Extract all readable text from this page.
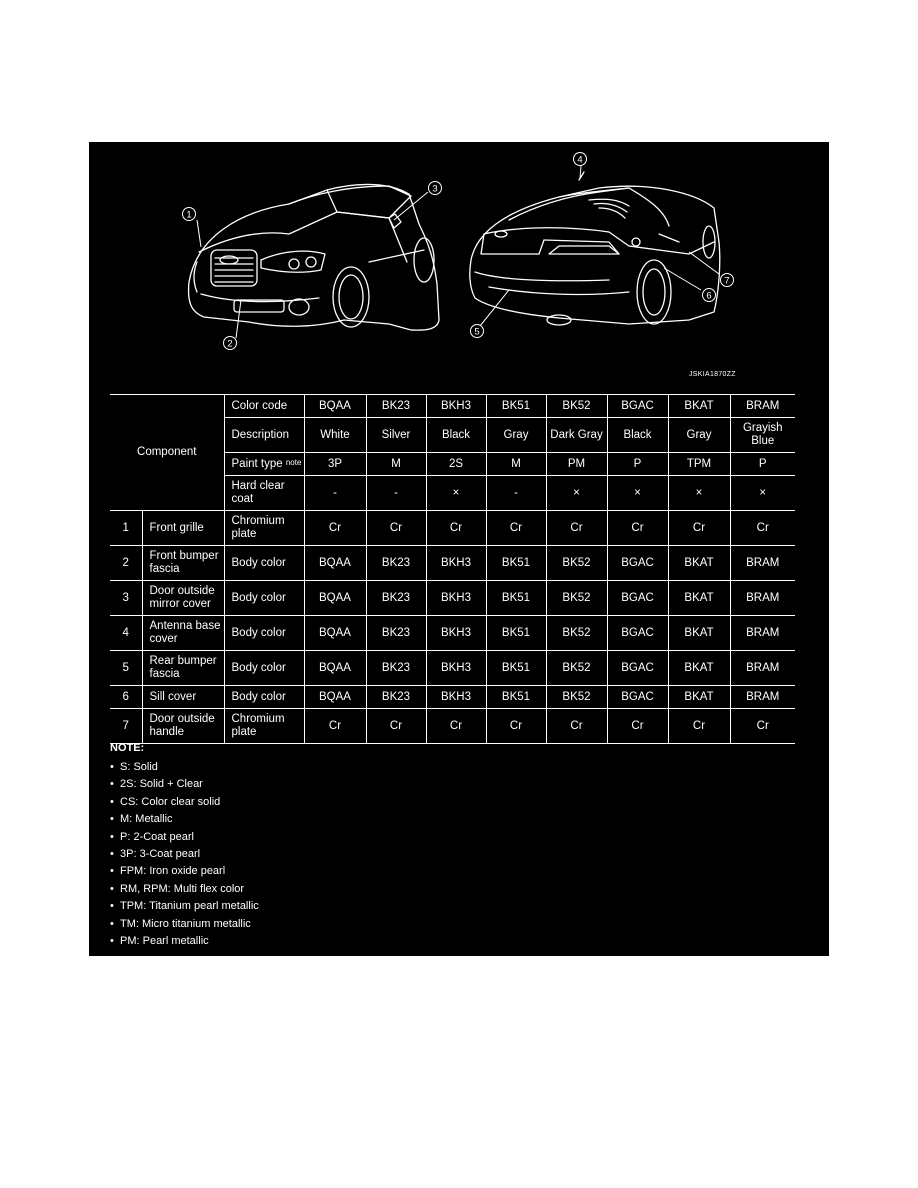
1
2
3
4
5
6
7
JSKIA1870ZZ
Component		Color code	BQAA	BK23	BKH3	BK51	BK52	BGAC	BKAT	BRAM
		Description	White	Silver	Black	Gray	Dark Gray	Black	Gray	Grayish Blue
		Paint type $^{note}$	3P	M	2S	M	PM	P	TPM	P
		Hard clear coat	-	-	×	-	×	×	×	×
1	Front grille	Chromium plate	Cr	Cr	Cr	Cr	Cr	Cr	Cr	Cr
2	Front bumper fascia	Body color	BQAA	BK23	BKH3	BK51	BK52	BGAC	BKAT	BRAM
3	Door outside mirror cover	Body color	BQAA	BK23	BKH3	BK51	BK52	BGAC	BKAT	BRAM
4	Antenna base cover	Body color	BQAA	BK23	BKH3	BK51	BK52	BGAC	BKAT	BRAM
5	Rear bumper fascia	Body color	BQAA	BK23	BKH3	BK51	BK52	BGAC	BKAT	BRAM
6	Sill cover	Body color	BQAA	BK23	BKH3	BK51	BK52	BGAC	BKAT	BRAM
7	Door outside handle	Chromium plate	Cr	Cr	Cr	Cr	Cr	Cr	Cr	Cr
NOTE:
• S: Solid
• 2S: Solid + Clear
• CS: Color clear solid
• M: Metallic
• P: 2-Coat pearl
• 3P: 3-Coat pearl
• FPM: Iron oxide pearl
• RM, RPM: Multi flex color
• TPM: Titanium pearl metallic
• TM: Micro titanium metallic
• PM: Pearl metallic
